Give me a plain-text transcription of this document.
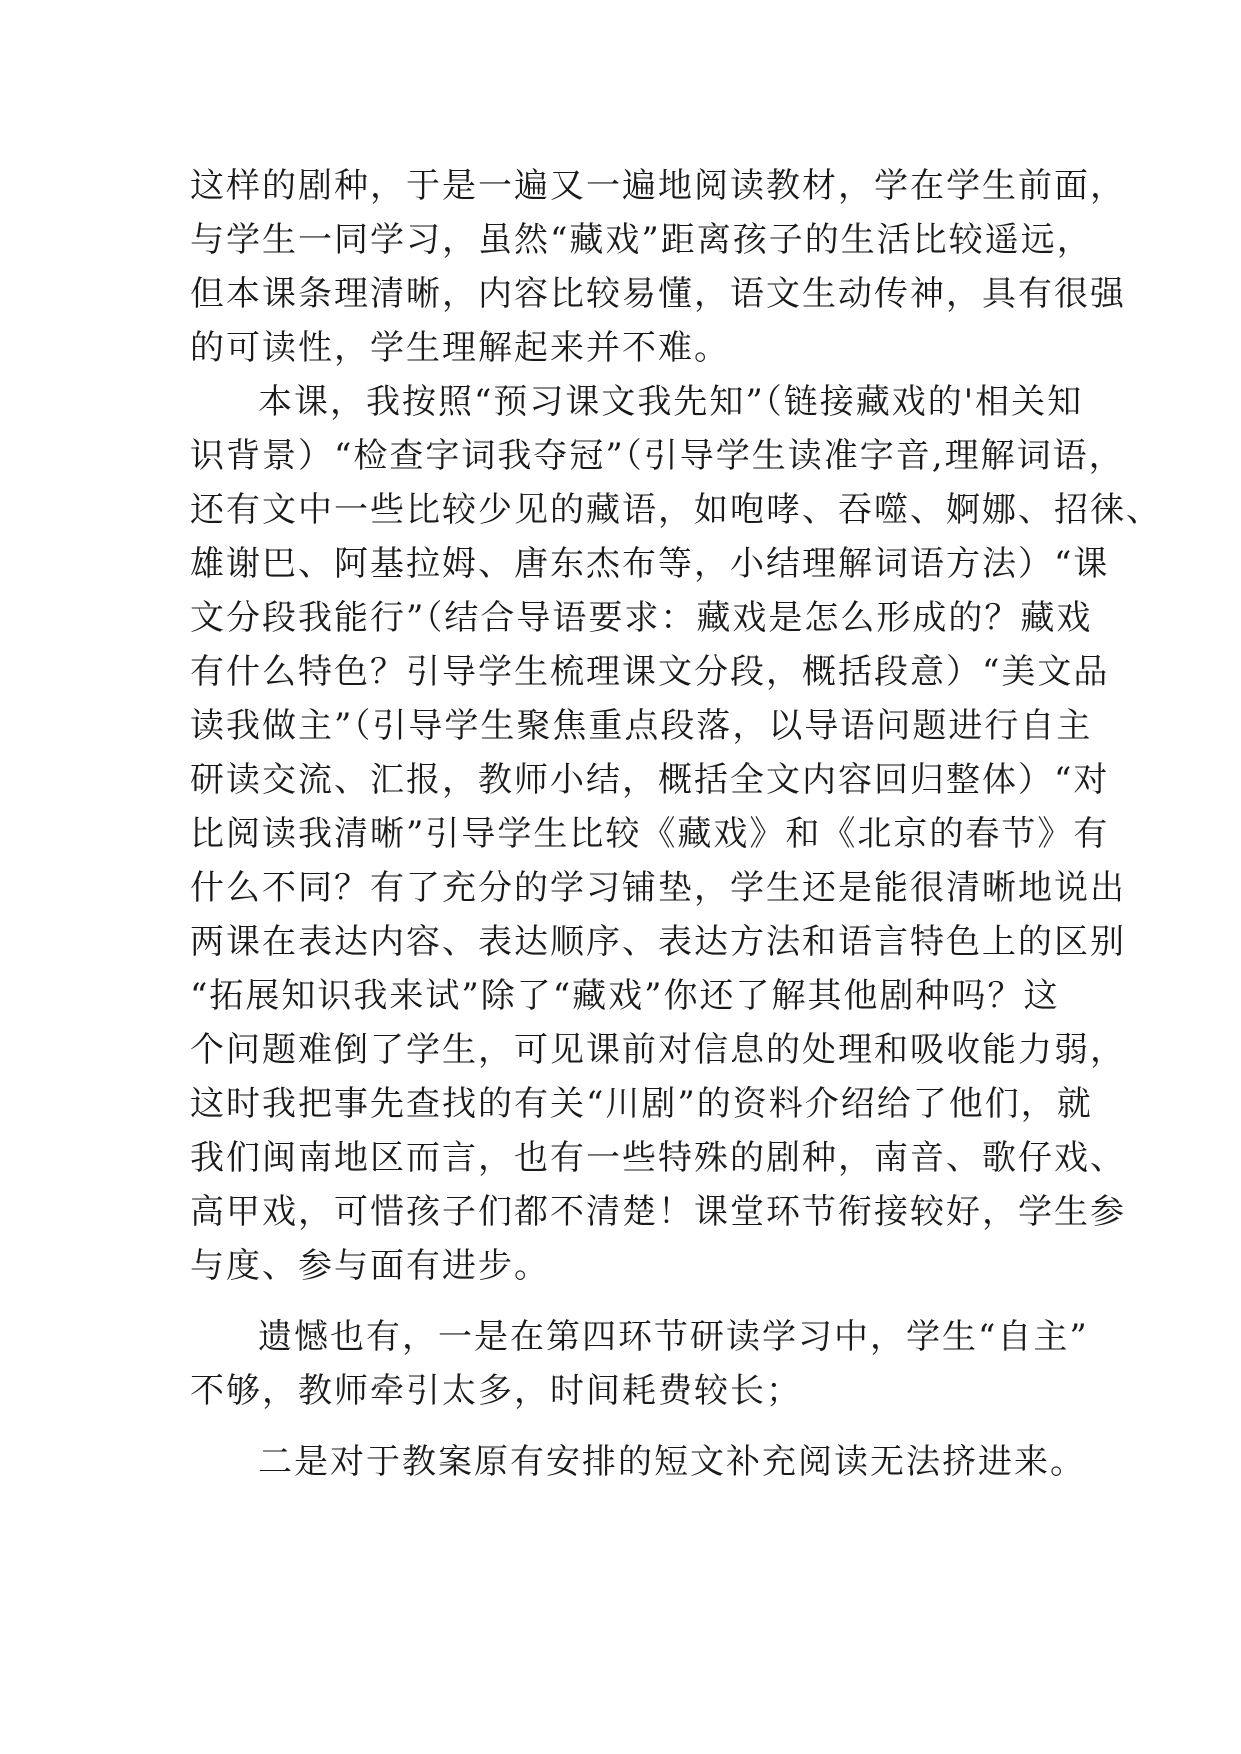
这样的剧种，于是一遍又一遍地阅读教材，学在学生前面，
与学生一同学习，虽然“藏戏”距离孩子的生活比较遥远，
但本课条理清晰，内容比较易懂，语文生动传神，具有很强
的可读性，学生理解起来并不难。
本课，我按照“预习课文我先知”（链接藏戏的'相关知
识背景）“检查字词我夺冠”（引导学生读准字音,理解词语，
还有文中一些比较少见的藏语，如咆哮、吞噬、婀娜、招徕、
雄谢巴、阿基拉姆、唐东杰布等，小结理解词语方法）“课
文分段我能行”（结合导语要求：藏戏是怎么形成的？藏戏
有什么特色？引导学生梳理课文分段，概括段意）“美文品
读我做主”（引导学生聚焦重点段落，以导语问题进行自主
研读交流、汇报，教师小结，概括全文内容回归整体）“对
比阅读我清晰”引导学生比较《藏戏》和《北京的春节》有
什么不同？有了充分的学习铺垫，学生还是能很清晰地说出
两课在表达内容、表达顺序、表达方法和语言特色上的区别
“拓展知识我来试”除了“藏戏”你还了解其他剧种吗？这
个问题难倒了学生，可见课前对信息的处理和吸收能力弱，
这时我把事先查找的有关“川剧”的资料介绍给了他们，就
我们闽南地区而言，也有一些特殊的剧种，南音、歌仔戏、
高甲戏，可惜孩子们都不清楚！课堂环节衔接较好，学生参
与度、参与面有进步。
遗憾也有，一是在第四环节研读学习中，学生“自主”
不够，教师牵引太多，时间耗费较长；
二是对于教案原有安排的短文补充阅读无法挤进来。
